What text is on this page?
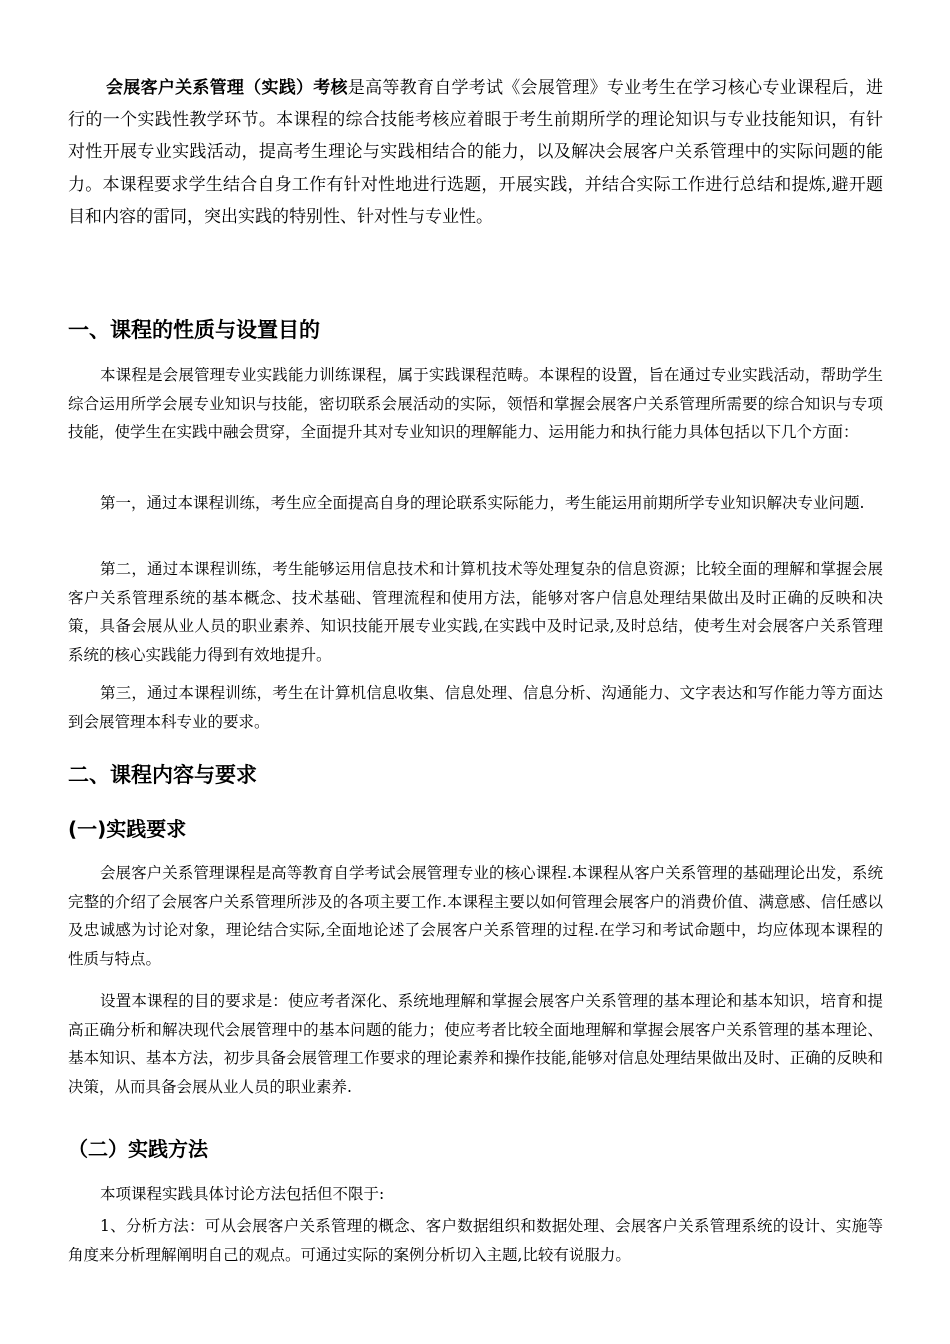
会展客户关系管理（实践）考核是高等教育自学考试《会展管理》专业考生在学习核心专业课程后，进行的一个实践性教学环节。本课程的综合技能考核应着眼于考生前期所学的理论知识与专业技能知识，有针对性开展专业实践活动，提高考生理论与实践相结合的能力，以及解决会展客户关系管理中的实际问题的能力。本课程要求学生结合自身工作有针对性地进行选题，开展实践，并结合实际工作进行总结和提炼,避开题目和内容的雷同，突出实践的特别性、针对性与专业性。

一、课程的性质与设置目的

本课程是会展管理专业实践能力训练课程，属于实践课程范畴。本课程的设置，旨在通过专业实践活动，帮助学生综合运用所学会展专业知识与技能，密切联系会展活动的实际，领悟和掌握会展客户关系管理所需要的综合知识与专项技能，使学生在实践中融会贯穿，全面提升其对专业知识的理解能力、运用能力和执行能力具体包括以下几个方面：

第一，通过本课程训练，考生应全面提高自身的理论联系实际能力，考生能运用前期所学专业知识解决专业问题.

第二，通过本课程训练，考生能够运用信息技术和计算机技术等处理复杂的信息资源；比较全面的理解和掌握会展客户关系管理系统的基本概念、技术基础、管理流程和使用方法，能够对客户信息处理结果做出及时正确的反映和决策，具备会展从业人员的职业素养、知识技能开展专业实践,在实践中及时记录,及时总结，使考生对会展客户关系管理系统的核心实践能力得到有效地提升。

第三，通过本课程训练，考生在计算机信息收集、信息处理、信息分析、沟通能力、文字表达和写作能力等方面达到会展管理本科专业的要求。

二、课程内容与要求
(一)实践要求

会展客户关系管理课程是高等教育自学考试会展管理专业的核心课程.本课程从客户关系管理的基础理论出发，系统完整的介绍了会展客户关系管理所涉及的各项主要工作.本课程主要以如何管理会展客户的消费价值、满意感、信任感以及忠诚感为讨论对象，理论结合实际,全面地论述了会展客户关系管理的过程.在学习和考试命题中，均应体现本课程的性质与特点。

设置本课程的目的要求是：使应考者深化、系统地理解和掌握会展客户关系管理的基本理论和基本知识，培育和提高正确分析和解决现代会展管理中的基本问题的能力；使应考者比较全面地理解和掌握会展客户关系管理的基本理论、基本知识、基本方法，初步具备会展管理工作要求的理论素养和操作技能,能够对信息处理结果做出及时、正确的反映和决策，从而具备会展从业人员的职业素养.

（二）实践方法

本项课程实践具体讨论方法包括但不限于:

1、分析方法：可从会展客户关系管理的概念、客户数据组织和数据处理、会展客户关系管理系统的设计、实施等角度来分析理解阐明自己的观点。可通过实际的案例分析切入主题,比较有说服力。
